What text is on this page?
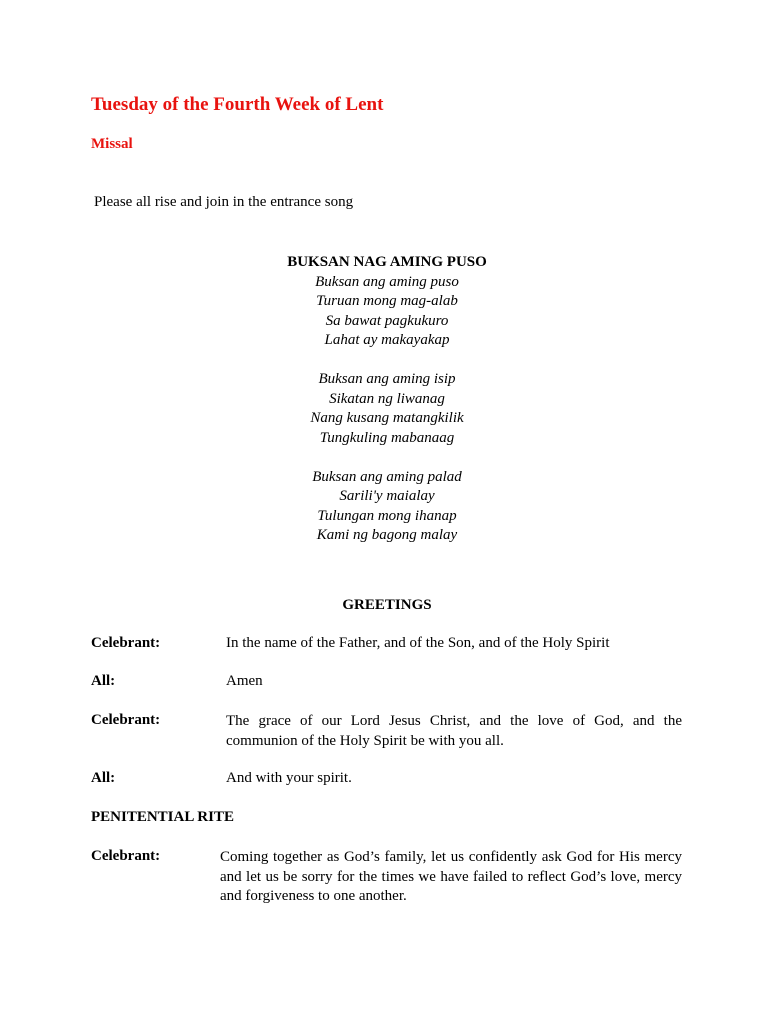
Tuesday of the Fourth Week of Lent
Missal
Please all rise and join in the entrance song
BUKSAN NAG AMING PUSO
Buksan ang aming puso
Turuan mong mag-alab
Sa bawat pagkukuro
Lahat ay makayakap
Buksan ang aming isip
Sikatan ng liwanag
Nang kusang matangkilik
Tungkuling mabanaag
Buksan ang aming palad
Sarili'y maialay
Tulungan mong ihanap
Kami ng bagong malay
GREETINGS
Celebrant:	In the name of the Father, and of the Son, and of the Holy Spirit
All:	Amen
Celebrant:	The grace of our Lord Jesus Christ, and the love of God, and the communion of the Holy Spirit be with you all.
All:	And with your spirit.
PENITENTIAL RITE
Celebrant:	Coming together as God’s family, let us confidently ask God for His mercy and let us be sorry for the times we have failed to reflect God’s love, mercy and forgiveness to one another.
